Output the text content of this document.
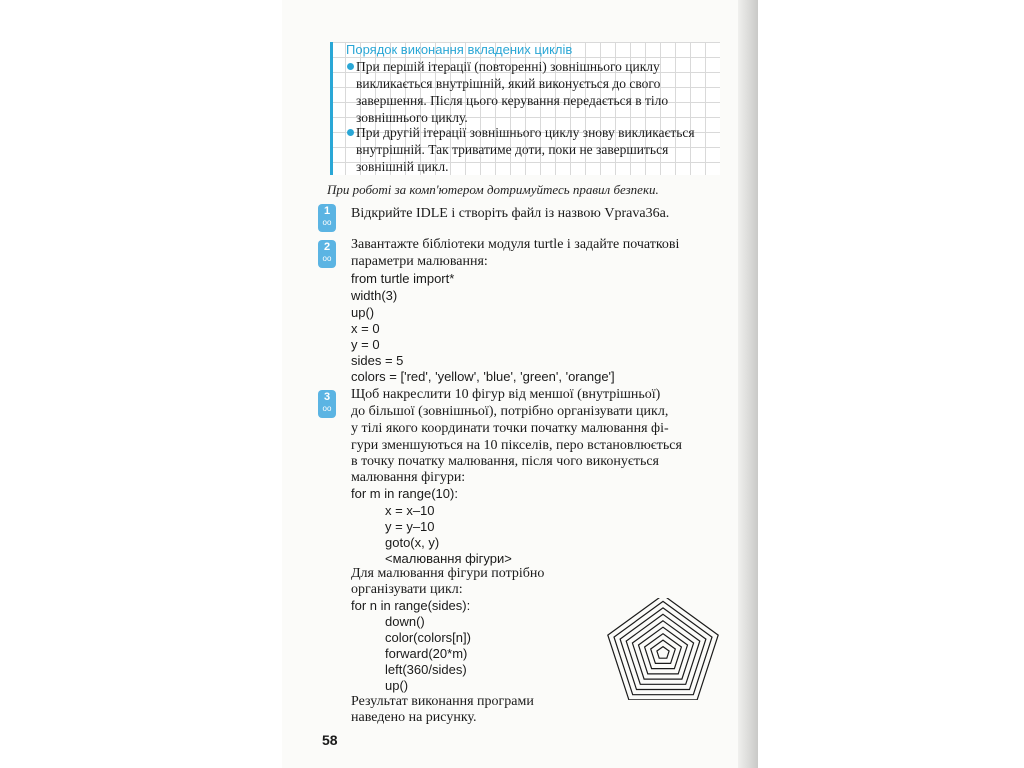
Порядок виконання вкладених циклів
При першій ітерації (повторенні) зовнішнього циклу викликається внутрішній, який виконується до свого завершення. Після цього керування передається в тіло зовнішнього циклу.
При другій ітерації зовнішнього циклу знову викликається внутрішній. Так триватиме доти, поки не завершиться зовнішній цикл.
При роботі за комп'ютером дотримуйтесь правил безпеки.
1
oo
Відкрийте IDLE і створіть файл із назвою Vprava36a.
2
oo
Завантажте бібліотеки модуля turtle і задайте початкові
параметри малювання:
from turtle import*
width(3)
up()
x = 0
y = 0
sides = 5
colors = ['red', 'yellow', 'blue', 'green', 'orange']
3
oo
Щоб накреслити 10 фігур від меншої (внутрішньої)
до більшої (зовнішньої), потрібно організувати цикл,
у тілі якого координати точки початку малювання фі-
гури зменшуються на 10 пікселів, перо встановлюється
в точку початку малювання, після чого виконується
малювання фігури:
for m in range(10):
x = x–10
y = y–10
goto(x, y)
<малювання фігури>
Для малювання фігури потрібно
організувати цикл:
for n in range(sides):
down()
color(colors[n])
forward(20*m)
left(360/sides)
up()
Результат виконання програми
наведено на рисунку.
58
